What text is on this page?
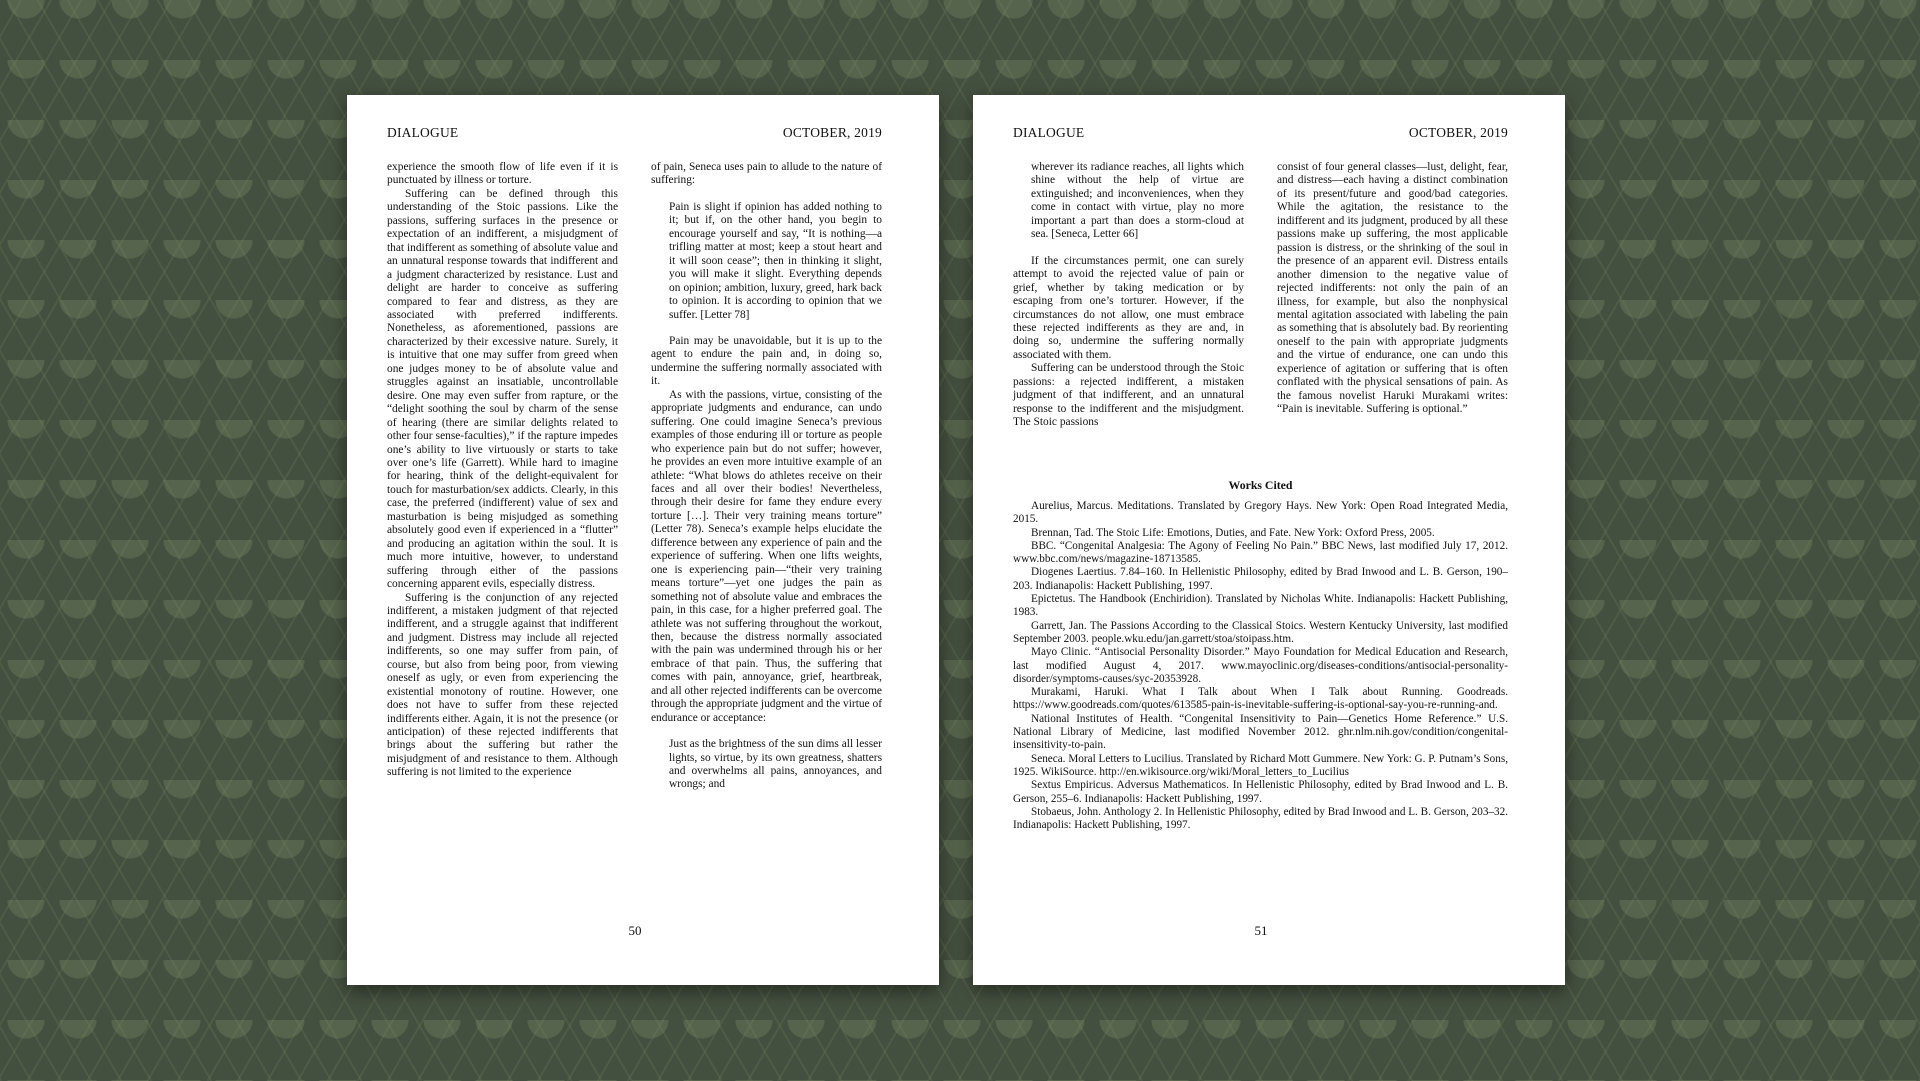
DIALOGUE	OCTOBER, 2019

experience the smooth flow of life even if it is punctuated by illness or torture.

Suffering can be defined through this understanding of the Stoic passions. Like the passions, suffering surfaces in the presence or expectation of an indifferent, a misjudgment of that indifferent as something of absolute value and an unnatural response towards that indifferent and a judgment characterized by resistance. Lust and delight are harder to conceive as suffering compared to fear and distress, as they are associated with preferred indifferents. Nonetheless, as aforementioned, passions are characterized by their excessive nature. Surely, it is intuitive that one may suffer from greed when one judges money to be of absolute value and struggles against an insatiable, uncontrollable desire. One may even suffer from rapture, or the “delight soothing the soul by charm of the sense of hearing (there are similar delights related to other four sense-faculties),” if the rapture impedes one’s ability to live virtuously or starts to take over one’s life (Garrett). While hard to imagine for hearing, think of the delight-equivalent for touch for masturbation/sex addicts. Clearly, in this case, the preferred (indifferent) value of sex and masturbation is being misjudged as something absolutely good even if experienced in a “flutter” and producing an agitation within the soul. It is much more intuitive, however, to understand suffering through either of the passions concerning apparent evils, especially distress.

Suffering is the conjunction of any rejected indifferent, a mistaken judgment of that rejected indifferent, and a struggle against that indifferent and judgment. Distress may include all rejected indifferents, so one may suffer from pain, of course, but also from being poor, from viewing oneself as ugly, or even from experiencing the existential monotony of routine. However, one does not have to suffer from these rejected indifferents either. Again, it is not the presence (or anticipation) of these rejected indifferents that brings about the suffering but rather the misjudgment of and resistance to them. Although suffering is not limited to the experience

of pain, Seneca uses pain to allude to the nature of suffering:

Pain is slight if opinion has added nothing to it; but if, on the other hand, you begin to encourage yourself and say, “It is nothing—a trifling matter at most; keep a stout heart and it will soon cease”; then in thinking it slight, you will make it slight. Everything depends on opinion; ambition, luxury, greed, hark back to opinion. It is according to opinion that we suffer. [Letter 78]

Pain may be unavoidable, but it is up to the agent to endure the pain and, in doing so, undermine the suffering normally associated with it.

As with the passions, virtue, consisting of the appropriate judgments and endurance, can undo suffering. One could imagine Seneca’s previous examples of those enduring ill or torture as people who experience pain but do not suffer; however, he provides an even more intuitive example of an athlete: “What blows do athletes receive on their faces and all over their bodies! Nevertheless, through their desire for fame they endure every torture […]. Their very training means torture” (Letter 78). Seneca’s example helps elucidate the difference between any experience of pain and the experience of suffering. When one lifts weights, one is experiencing pain—“their very training means torture”—yet one judges the pain as something not of absolute value and embraces the pain, in this case, for a higher preferred goal. The athlete was not suffering throughout the workout, then, because the distress normally associated with the pain was undermined through his or her embrace of that pain. Thus, the suffering that comes with pain, annoyance, grief, heartbreak, and all other rejected indifferents can be overcome through the appropriate judgment and the virtue of endurance or acceptance:

Just as the brightness of the sun dims all lesser lights, so virtue, by its own greatness, shatters and overwhelms all pains, annoyances, and wrongs; and

50
DIALOGUE	OCTOBER, 2019

wherever its radiance reaches, all lights which shine without the help of virtue are extinguished; and inconveniences, when they come in contact with virtue, play no more important a part than does a storm-cloud at sea. [Seneca, Letter 66]

If the circumstances permit, one can surely attempt to avoid the rejected value of pain or grief, whether by taking medication or by escaping from one’s torturer. However, if the circumstances do not allow, one must embrace these rejected indifferents as they are and, in doing so, undermine the suffering normally associated with them.

Suffering can be understood through the Stoic passions: a rejected indifferent, a mistaken judgment of that indifferent, and an unnatural response to the indifferent and the misjudgment. The Stoic passions

consist of four general classes—lust, delight, fear, and distress—each having a distinct combination of its present/future and good/bad categories. While the agitation, the resistance to the indifferent and its judgment, produced by all these passions make up suffering, the most applicable passion is distress, or the shrinking of the soul in the presence of an apparent evil. Distress entails another dimension to the negative value of rejected indifferents: not only the pain of an illness, for example, but also the nonphysical mental agitation associated with labeling the pain as something that is absolutely bad. By reorienting oneself to the pain with appropriate judgments and the virtue of endurance, one can undo this experience of agitation or suffering that is often conflated with the physical sensations of pain. As the famous novelist Haruki Murakami writes: “Pain is inevitable. Suffering is optional.”

Works Cited

Aurelius, Marcus. Meditations. Translated by Gregory Hays. New York: Open Road Integrated Media, 2015.

Brennan, Tad. The Stoic Life: Emotions, Duties, and Fate. New York: Oxford Press, 2005.

BBC. “Congenital Analgesia: The Agony of Feeling No Pain.” BBC News, last modified July 17, 2012. www.bbc.com/news/magazine-18713585.

Diogenes Laertius. 7.84–160. In Hellenistic Philosophy, edited by Brad Inwood and L. B. Gerson, 190–203. Indianapolis: Hackett Publishing, 1997.

Epictetus. The Handbook (Enchiridion). Translated by Nicholas White. Indianapolis: Hackett Publishing, 1983.

Garrett, Jan. The Passions According to the Classical Stoics. Western Kentucky University, last modified September 2003. people.wku.edu/jan.garrett/stoa/stoipass.htm.

Mayo Clinic. “Antisocial Personality Disorder.” Mayo Foundation for Medical Education and Research, last modified August 4, 2017. www.mayoclinic.org/diseases-conditions/antisocial-personality-disorder/symptoms-causes/syc-20353928.

Murakami, Haruki. What I Talk about When I Talk about Running. Goodreads. https://www.goodreads.com/quotes/613585-pain-is-inevitable-suffering-is-optional-say-you-re-running-and.

National Institutes of Health. “Congenital Insensitivity to Pain—Genetics Home Reference.” U.S. National Library of Medicine, last modified November 2012. ghr.nlm.nih.gov/condition/congenital-insensitivity-to-pain.

Seneca. Moral Letters to Lucilius. Translated by Richard Mott Gummere. New York: G. P. Putnam’s Sons, 1925. WikiSource. http://en.wikisource.org/wiki/Moral_letters_to_Lucilius

Sextus Empiricus. Adversus Mathematicos. In Hellenistic Philosophy, edited by Brad Inwood and L. B. Gerson, 255–6. Indianapolis: Hackett Publishing, 1997.

Stobaeus, John. Anthology 2. In Hellenistic Philosophy, edited by Brad Inwood and L. B. Gerson, 203–32. Indianapolis: Hackett Publishing, 1997.

51
